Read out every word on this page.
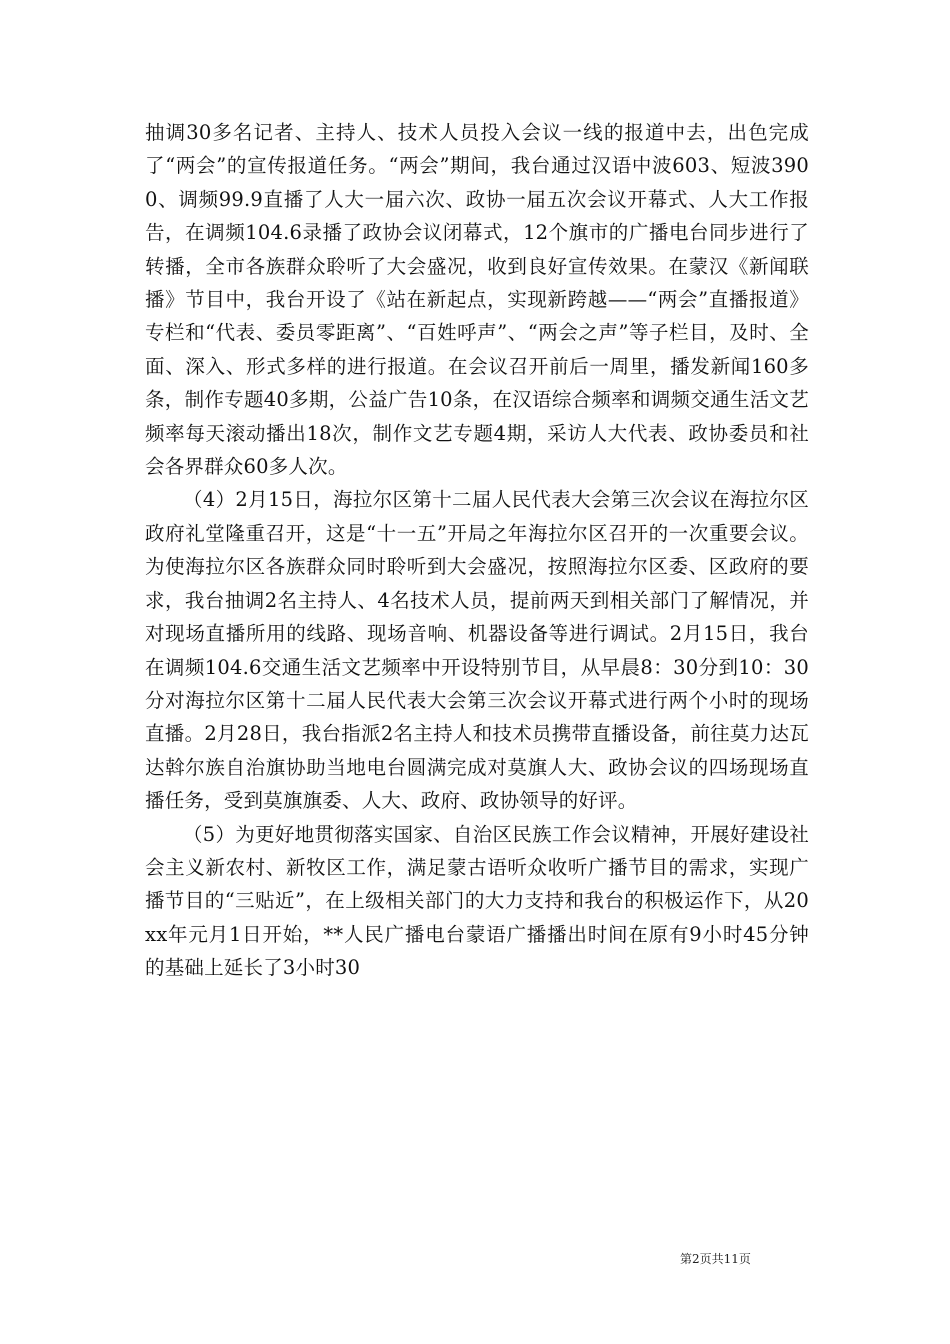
抽调30多名记者、主持人、技术人员投入会议一线的报道中去，出色完成了“两会”的宣传报道任务。“两会”期间，我台通过汉语中波603、短波3900、调频99.9直播了人大一届六次、政协一届五次会议开幕式、人大工作报告，在调频104.6录播了政协会议闭幕式，12个旗市的广播电台同步进行了转播，全市各族群众聆听了大会盛况，收到良好宣传效果。在蒙汉《新闻联播》节目中，我台开设了《站在新起点，实现新跨越——“两会”直播报道》专栏和“代表、委员零距离”、“百姓呼声”、“两会之声”等子栏目，及时、全面、深入、形式多样的进行报道。在会议召开前后一周里，播发新闻160多条，制作专题40多期，公益广告10条，在汉语综合频率和调频交通生活文艺频率每天滚动播出18次，制作文艺专题4期，采访人大代表、政协委员和社会各界群众60多人次。

（4）2月15日，海拉尔区第十二届人民代表大会第三次会议在海拉尔区政府礼堂隆重召开，这是“十一五”开局之年海拉尔区召开的一次重要会议。为使海拉尔区各族群众同时聆听到大会盛况，按照海拉尔区委、区政府的要求，我台抽调2名主持人、4名技术人员，提前两天到相关部门了解情况，并对现场直播所用的线路、现场音响、机器设备等进行调试。2月15日，我台在调频104.6交通生活文艺频率中开设特别节目，从早晨8：30分到10：30分对海拉尔区第十二届人民代表大会第三次会议开幕式进行两个小时的现场直播。2月28日，我台指派2名主持人和技术员携带直播设备，前往莫力达瓦达斡尔族自治旗协助当地电台圆满完成对莫旗人大、政协会议的四场现场直播任务，受到莫旗旗委、人大、政府、政协领导的好评。

（5）为更好地贯彻落实国家、自治区民族工作会议精神，开展好建设社会主义新农村、新牧区工作，满足蒙古语听众收听广播节目的需求，实现广播节目的“三贴近”，在上级相关部门的大力支持和我台的积极运作下，从20xx年元月1日开始，**人民广播电台蒙语广播播出时间在原有9小时45分钟的基础上延长了3小时30

第2页共11页
